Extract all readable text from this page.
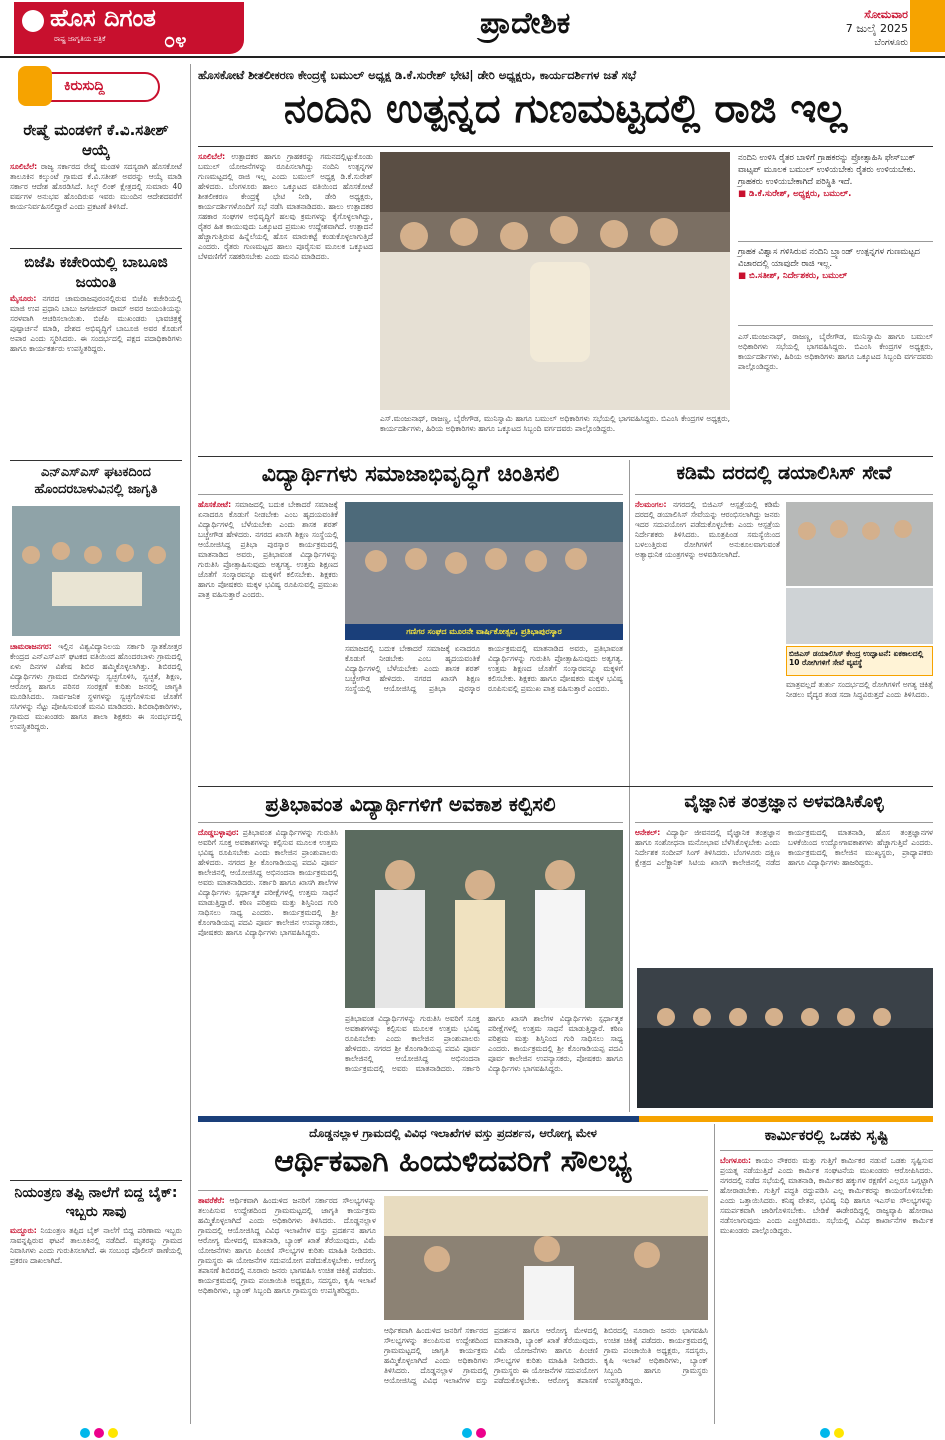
ಹೊಸ ದಿಗಂತ
ರಾಷ್ಟ್ರ ಜಾಗೃತಿಯ ಪತ್ರಿಕೆ	೦೪	ಪ್ರಾದೇಶಿಕ	ಸೋಮವಾರ
7 ಜುಲೈ 2025
ಬೆಂಗಳೂರು
ಕಿರುಸುದ್ದಿ
ರೇಷ್ಮೆ ಮಂಡಳಿಗೆ ಕೆ.ವಿ.ಸತೀಶ್ ಆಯ್ಕೆ
ಸೂಲಿಬೆಲೆ: ರಾಜ್ಯ ಸರ್ಕಾರದ ರೇಷ್ಮೆ ಮಂಡಳಿ ಸದಸ್ಯರಾಗಿ ಹೊಸಕೋಟೆ ತಾಲೂಕಿನ ಕಲ್ಕುಂಟೆ ಗ್ರಾಮದ ಕೆ.ವಿ.ಸತೀಶ್ ಅವರನ್ನು ಆಯ್ಕೆ ಮಾಡಿ ಸರ್ಕಾರ ಆದೇಶ ಹೊರಡಿಸಿದೆ. ಸಿಲ್ಕ್ ಲಿಂಕ್ ಕ್ಷೇತ್ರದಲ್ಲಿ ಸುಮಾರು 40 ವರ್ಷಗಳ ಅನುಭವ ಹೊಂದಿರುವ ಇವರು ಮುಂದಿನ ಆದೇಶದವರೆಗೆ ಕಾರ್ಯನಿರ್ವಹಿಸಲಿದ್ದಾರೆ ಎಂದು ಪ್ರಕಟಣೆ ತಿಳಿಸಿದೆ.
ಬಿಜೆಪಿ ಕಚೇರಿಯಲ್ಲಿ ಬಾಬೂಜಿ ಜಯಂತಿ
ಮೈಸೂರು: ನಗರದ ಚಾಮರಾಜಪುರಂನಲ್ಲಿರುವ ಬಿಜೆಪಿ ಕಚೇರಿಯಲ್ಲಿ ಮಾಜಿ ಉಪ ಪ್ರಧಾನಿ ಬಾಬು ಜಗಜೀವನ್ ರಾಮ್ ಅವರ ಜಯಂತಿಯನ್ನು ಸರಳವಾಗಿ ಆಚರಿಸಲಾಯಿತು. ಬಿಜೆಪಿ ಮುಖಂಡರು ಭಾವಚಿತ್ರಕ್ಕೆ ಪುಷ್ಪಾರ್ಚನೆ ಮಾಡಿ, ದೇಶದ ಅಭಿವೃದ್ಧಿಗೆ ಬಾಬೂಜಿ ಅವರ ಕೊಡುಗೆ ಅಪಾರ ಎಂದು ಸ್ಮರಿಸಿದರು. ಈ ಸಂದರ್ಭದಲ್ಲಿ ಪಕ್ಷದ ಪದಾಧಿಕಾರಿಗಳು ಹಾಗೂ ಕಾರ್ಯಕರ್ತರು ಉಪಸ್ಥಿತರಿದ್ದರು.
ಎನ್‌ಎಸ್‌ಎಸ್ ಘಟಕದಿಂದ ಹೊಂದರಬಾಳುವಿನಲ್ಲಿ ಜಾಗೃತಿ
ಚಾಮರಾಜನಗರ: ಇಲ್ಲಿನ ವಿಶ್ವವಿದ್ಯಾನಿಲಯ ಸರ್ಕಾರಿ ಸ್ನಾತಕೋತ್ತರ ಕೇಂದ್ರದ ಎನ್‌ಎಸ್‌ಎಸ್ ಘಟಕದ ವತಿಯಿಂದ ಹೊಂದರಬಾಳು ಗ್ರಾಮದಲ್ಲಿ ಏಳು ದಿನಗಳ ವಿಶೇಷ ಶಿಬಿರ ಹಮ್ಮಿಕೊಳ್ಳಲಾಗಿತ್ತು. ಶಿಬಿರದಲ್ಲಿ ವಿದ್ಯಾರ್ಥಿಗಳು ಗ್ರಾಮದ ಬೀದಿಗಳನ್ನು ಸ್ವಚ್ಛಗೊಳಿಸಿ, ಸ್ವಚ್ಛತೆ, ಶಿಕ್ಷಣ, ಆರೋಗ್ಯ ಹಾಗೂ ಪರಿಸರ ಸಂರಕ್ಷಣೆ ಕುರಿತು ಜನರಲ್ಲಿ ಜಾಗೃತಿ ಮೂಡಿಸಿದರು. ಸಾರ್ವಜನಿಕ ಸ್ಥಳಗಳನ್ನು ಸ್ವಚ್ಛಗೊಳಿಸುವ ಜೊತೆಗೆ ಸಸಿಗಳನ್ನು ನೆಟ್ಟು ಪೋಷಿಸುವಂತೆ ಮನವಿ ಮಾಡಿದರು. ಶಿಬಿರಾಧಿಕಾರಿಗಳು, ಗ್ರಾಮದ ಮುಖಂಡರು ಹಾಗೂ ಶಾಲಾ ಶಿಕ್ಷಕರು ಈ ಸಂದರ್ಭದಲ್ಲಿ ಉಪಸ್ಥಿತರಿದ್ದರು.
ನಿಯಂತ್ರಣ ತಪ್ಪಿ ನಾಲೆಗೆ ಬಿದ್ದ ಬೈಕ್: ಇಬ್ಬರು ಸಾವು
ಮದ್ದೂರು: ನಿಯಂತ್ರಣ ತಪ್ಪಿದ ಬೈಕ್ ನಾಲೆಗೆ ಬಿದ್ದ ಪರಿಣಾಮ ಇಬ್ಬರು ಸಾವನ್ನಪ್ಪಿರುವ ಘಟನೆ ತಾಲೂಕಿನಲ್ಲಿ ನಡೆದಿದೆ. ಮೃತರನ್ನು ಗ್ರಾಮದ ನಿವಾಸಿಗಳು ಎಂದು ಗುರುತಿಸಲಾಗಿದೆ. ಈ ಸಂಬಂಧ ಪೊಲೀಸ್ ಠಾಣೆಯಲ್ಲಿ ಪ್ರಕರಣ ದಾಖಲಾಗಿದೆ.
ಹೊಸಕೋಟೆ ಶೀತಲೀಕರಣ ಕೇಂದ್ರಕ್ಕೆ ಬಮುಲ್ ಅಧ್ಯಕ್ಷ ಡಿ.ಕೆ.ಸುರೇಶ್ ಭೇಟಿ| ಡೇರಿ ಅಧ್ಯಕ್ಷರು, ಕಾರ್ಯದರ್ಶಿಗಳ ಜತೆ ಸಭೆ
ನಂದಿನಿ ಉತ್ಪನ್ನದ ಗುಣಮಟ್ಟದಲ್ಲಿ ರಾಜಿ ಇಲ್ಲ
ಸೂಲಿಬೆಲೆ: ಉತ್ಪಾದಕರ ಹಾಗೂ ಗ್ರಾಹಕರನ್ನು ಗಮನದಲ್ಲಿಟ್ಟುಕೊಂಡು ಬಮುಲ್ ಯೋಜನೆಗಳನ್ನು ರೂಪಿಸಲಾಗಿದ್ದು ನಂದಿನಿ ಉತ್ಪನ್ನಗಳ ಗುಣಮಟ್ಟದಲ್ಲಿ ರಾಜಿ ಇಲ್ಲ ಎಂದು ಬಮುಲ್ ಅಧ್ಯಕ್ಷ ಡಿ.ಕೆ.ಸುರೇಶ್ ಹೇಳಿದರು. ಬೆಂಗಳೂರು ಹಾಲು ಒಕ್ಕೂಟದ ವತಿಯಿಂದ ಹೊಸಕೋಟೆ ಶೀತಲೀಕರಣ ಕೇಂದ್ರಕ್ಕೆ ಭೇಟಿ ನೀಡಿ, ಡೇರಿ ಅಧ್ಯಕ್ಷರು, ಕಾರ್ಯದರ್ಶಿಗಳೊಂದಿಗೆ ಸಭೆ ನಡೆಸಿ ಮಾತನಾಡಿದರು. ಹಾಲು ಉತ್ಪಾದಕರ ಸಹಕಾರ ಸಂಘಗಳ ಅಭಿವೃದ್ಧಿಗೆ ಹಲವು ಕ್ರಮಗಳನ್ನು ಕೈಗೊಳ್ಳಲಾಗಿದ್ದು, ರೈತರ ಹಿತ ಕಾಯುವುದು ಒಕ್ಕೂಟದ ಪ್ರಮುಖ ಉದ್ದೇಶವಾಗಿದೆ. ಉತ್ಪಾದನೆ ಹೆಚ್ಚಾಗುತ್ತಿರುವ ಹಿನ್ನೆಲೆಯಲ್ಲಿ ಹೊಸ ಮಾರುಕಟ್ಟೆ ಕಂಡುಕೊಳ್ಳಲಾಗುತ್ತಿದೆ ಎಂದರು. ರೈತರು ಗುಣಮಟ್ಟದ ಹಾಲು ಪೂರೈಸುವ ಮೂಲಕ ಒಕ್ಕೂಟದ ಬೆಳವಣಿಗೆಗೆ ಸಹಕರಿಸಬೇಕು ಎಂದು ಮನವಿ ಮಾಡಿದರು.
ಎಸ್.ಮಂಜುನಾಥ್, ರಾಜಣ್ಣ, ಬೈರೇಗೌಡ, ಮುನಿಸ್ವಾಮಿ ಹಾಗೂ ಬಮುಲ್ ಅಧಿಕಾರಿಗಳು ಸಭೆಯಲ್ಲಿ ಭಾಗವಹಿಸಿದ್ದರು. ಬಿಎಂಸಿ ಕೇಂದ್ರಗಳ ಅಧ್ಯಕ್ಷರು, ಕಾರ್ಯದರ್ಶಿಗಳು, ಹಿರಿಯ ಅಧಿಕಾರಿಗಳು ಹಾಗೂ ಒಕ್ಕೂಟದ ಸಿಬ್ಬಂದಿ ವರ್ಗದವರು ಪಾಲ್ಗೊಂಡಿದ್ದರು.
ನಂದಿನಿ ಉಳಿಸಿ ರೈತರ ಬಾಳಿಗೆ ಗ್ರಾಹಕರನ್ನು ಪ್ರೋತ್ಸಾಹಿಸಿ ಫೇಸ್‌ಬುಕ್ ವಾಟ್ಸಪ್ ಮೂಲಕ ಬಮುಲ್ ಉಳಿಯಬೇಕು ರೈತರು ಉಳಿಯಬೇಕು. ಗ್ರಾಹಕರು ಉಳಿಯಬೇಕಾಗಿದೆ ಪರಿಸ್ಥಿತಿ ಇದೆ.
■ ಡಿ.ಕೆ.ಸುರೇಶ್, ಅಧ್ಯಕ್ಷರು, ಬಮುಲ್.
ಗ್ರಾಹಕ ವಿಶ್ವಾಸ ಗಳಿಸಿರುವ ನಂದಿನಿ ಬ್ರ್ಯಾಂಡ್ ಉತ್ಪನ್ನಗಳ ಗುಣಮಟ್ಟದ ವಿಚಾರದಲ್ಲಿ ಯಾವುದೇ ರಾಜಿ ಇಲ್ಲ.
■ ಬಿ.ಸತೀಶ್, ನಿರ್ದೇಶಕರು, ಬಮುಲ್
ಎಸ್.ಮಂಜುನಾಥ್, ರಾಜಣ್ಣ, ಬೈರೇಗೌಡ, ಮುನಿಸ್ವಾಮಿ ಹಾಗೂ ಬಮುಲ್ ಅಧಿಕಾರಿಗಳು ಸಭೆಯಲ್ಲಿ ಭಾಗವಹಿಸಿದ್ದರು. ಬಿಎಂಸಿ ಕೇಂದ್ರಗಳ ಅಧ್ಯಕ್ಷರು, ಕಾರ್ಯದರ್ಶಿಗಳು, ಹಿರಿಯ ಅಧಿಕಾರಿಗಳು ಹಾಗೂ ಒಕ್ಕೂಟದ ಸಿಬ್ಬಂದಿ ವರ್ಗದವರು ಪಾಲ್ಗೊಂಡಿದ್ದರು.
ವಿದ್ಯಾರ್ಥಿಗಳು ಸಮಾಜಾಭಿವೃದ್ಧಿಗೆ ಚಿಂತಿಸಲಿ
ಹೊಸಕೋಟೆ: ಸಮಾಜದಲ್ಲಿ ಬದುಕ ಬೇಕಾದರೆ ಸಮಾಜಕ್ಕೆ ಏನಾದರೂ ಕೊಡುಗೆ ನೀಡಬೇಕು ಎಂಬ ಹೃದಯವಂತಿಕೆ ವಿದ್ಯಾರ್ಥಿಗಳಲ್ಲಿ ಬೆಳೆಯಬೇಕು ಎಂದು ಶಾಸಕ ಶರತ್ ಬಚ್ಚೇಗೌಡ ಹೇಳಿದರು. ನಗರದ ಖಾಸಗಿ ಶಿಕ್ಷಣ ಸಂಸ್ಥೆಯಲ್ಲಿ ಆಯೋಜಿಸಿದ್ದ ಪ್ರತಿಭಾ ಪುರಸ್ಕಾರ ಕಾರ್ಯಕ್ರಮದಲ್ಲಿ ಮಾತನಾಡಿದ ಅವರು, ಪ್ರತಿಭಾವಂತ ವಿದ್ಯಾರ್ಥಿಗಳನ್ನು ಗುರುತಿಸಿ ಪ್ರೋತ್ಸಾಹಿಸುವುದು ಅತ್ಯಗತ್ಯ. ಉತ್ತಮ ಶಿಕ್ಷಣದ ಜೊತೆಗೆ ಸಂಸ್ಕಾರವನ್ನೂ ಮಕ್ಕಳಿಗೆ ಕಲಿಸಬೇಕು. ಶಿಕ್ಷಕರು ಹಾಗೂ ಪೋಷಕರು ಮಕ್ಕಳ ಭವಿಷ್ಯ ರೂಪಿಸುವಲ್ಲಿ ಪ್ರಮುಖ ಪಾತ್ರ ವಹಿಸುತ್ತಾರೆ ಎಂದರು.
ಗಣಿಗರ ಸಂಘದ ಮೂರನೇ ವಾರ್ಷಿಕೋತ್ಸವ, ಪ್ರತಿಭಾಪುರಸ್ಕಾರ
ಸಮಾಜದಲ್ಲಿ ಬದುಕ ಬೇಕಾದರೆ ಸಮಾಜಕ್ಕೆ ಏನಾದರೂ ಕೊಡುಗೆ ನೀಡಬೇಕು ಎಂಬ ಹೃದಯವಂತಿಕೆ ವಿದ್ಯಾರ್ಥಿಗಳಲ್ಲಿ ಬೆಳೆಯಬೇಕು ಎಂದು ಶಾಸಕ ಶರತ್ ಬಚ್ಚೇಗೌಡ ಹೇಳಿದರು. ನಗರದ ಖಾಸಗಿ ಶಿಕ್ಷಣ ಸಂಸ್ಥೆಯಲ್ಲಿ ಆಯೋಜಿಸಿದ್ದ ಪ್ರತಿಭಾ ಪುರಸ್ಕಾರ ಕಾರ್ಯಕ್ರಮದಲ್ಲಿ ಮಾತನಾಡಿದ ಅವರು, ಪ್ರತಿಭಾವಂತ ವಿದ್ಯಾರ್ಥಿಗಳನ್ನು ಗುರುತಿಸಿ ಪ್ರೋತ್ಸಾಹಿಸುವುದು ಅತ್ಯಗತ್ಯ. ಉತ್ತಮ ಶಿಕ್ಷಣದ ಜೊತೆಗೆ ಸಂಸ್ಕಾರವನ್ನೂ ಮಕ್ಕಳಿಗೆ ಕಲಿಸಬೇಕು. ಶಿಕ್ಷಕರು ಹಾಗೂ ಪೋಷಕರು ಮಕ್ಕಳ ಭವಿಷ್ಯ ರೂಪಿಸುವಲ್ಲಿ ಪ್ರಮುಖ ಪಾತ್ರ ವಹಿಸುತ್ತಾರೆ ಎಂದರು.
ಕಡಿಮೆ ದರದಲ್ಲಿ ಡಯಾಲಿಸಿಸ್ ಸೇವೆ
ನೆಲಮಂಗಲ: ನಗರದಲ್ಲಿ ಬಿಜಿಎಸ್ ಆಸ್ಪತ್ರೆಯಲ್ಲಿ ಕಡಿಮೆ ದರದಲ್ಲಿ ಡಯಾಲಿಸಿಸ್ ಸೇವೆಯನ್ನು ಆರಂಭಿಸಲಾಗಿದ್ದು ಜನರು ಇದರ ಸದುಪಯೋಗ ಪಡೆದುಕೊಳ್ಳಬೇಕು ಎಂದು ಆಸ್ಪತ್ರೆಯ ನಿರ್ದೇಶಕರು ತಿಳಿಸಿದರು. ಮೂತ್ರಪಿಂಡ ಸಮಸ್ಯೆಯಿಂದ ಬಳಲುತ್ತಿರುವ ರೋಗಿಗಳಿಗೆ ಅನುಕೂಲವಾಗುವಂತೆ ಅತ್ಯಾಧುನಿಕ ಯಂತ್ರಗಳನ್ನು ಅಳವಡಿಸಲಾಗಿದೆ.
ಬಿಜಿಎಸ್ ಡಯಾಲಿಸಿಸ್ ಕೇಂದ್ರ ಉದ್ಘಾಟನೆ: ಏಕಕಾಲದಲ್ಲಿ 10 ರೋಗಿಗಳಿಗೆ ಸೇವೆ ವ್ಯವಸ್ಥೆ
ಮಾತ್ರವಲ್ಲದೆ ತುರ್ತು ಸಂದರ್ಭದಲ್ಲಿ ರೋಗಿಗಳಿಗೆ ಅಗತ್ಯ ಚಿಕಿತ್ಸೆ ನೀಡಲು ವೈದ್ಯರ ತಂಡ ಸದಾ ಸಿದ್ಧವಿರುತ್ತದೆ ಎಂದು ತಿಳಿಸಿದರು.
ಪ್ರತಿಭಾವಂತ ವಿದ್ಯಾರ್ಥಿಗಳಿಗೆ ಅವಕಾಶ ಕಲ್ಪಿಸಲಿ
ದೊಡ್ಡಬಳ್ಳಾಪುರ: ಪ್ರತಿಭಾವಂತ ವಿದ್ಯಾರ್ಥಿಗಳನ್ನು ಗುರುತಿಸಿ ಅವರಿಗೆ ಸೂಕ್ತ ಅವಕಾಶಗಳನ್ನು ಕಲ್ಪಿಸುವ ಮೂಲಕ ಉತ್ತಮ ಭವಿಷ್ಯ ರೂಪಿಸಬೇಕು ಎಂದು ಕಾಲೇಜಿನ ಪ್ರಾಂಶುಪಾಲರು ಹೇಳಿದರು. ನಗರದ ಶ್ರೀ ಕೊಂಗಾಡಿಯಪ್ಪ ಪದವಿ ಪೂರ್ವ ಕಾಲೇಜಿನಲ್ಲಿ ಆಯೋಜಿಸಿದ್ದ ಅಭಿನಂದನಾ ಕಾರ್ಯಕ್ರಮದಲ್ಲಿ ಅವರು ಮಾತನಾಡಿದರು. ಸರ್ಕಾರಿ ಹಾಗೂ ಖಾಸಗಿ ಶಾಲೆಗಳ ವಿದ್ಯಾರ್ಥಿಗಳು ಸ್ಪರ್ಧಾತ್ಮಕ ಪರೀಕ್ಷೆಗಳಲ್ಲಿ ಉತ್ತಮ ಸಾಧನೆ ಮಾಡುತ್ತಿದ್ದಾರೆ. ಕಠಿಣ ಪರಿಶ್ರಮ ಮತ್ತು ಶಿಸ್ತಿನಿಂದ ಗುರಿ ಸಾಧಿಸಲು ಸಾಧ್ಯ ಎಂದರು. ಕಾರ್ಯಕ್ರಮದಲ್ಲಿ ಶ್ರೀ ಕೊಂಗಾಡಿಯಪ್ಪ ಪದವಿ ಪೂರ್ವ ಕಾಲೇಜಿನ ಉಪನ್ಯಾಸಕರು, ಪೋಷಕರು ಹಾಗೂ ವಿದ್ಯಾರ್ಥಿಗಳು ಭಾಗವಹಿಸಿದ್ದರು.
ಪ್ರತಿಭಾವಂತ ವಿದ್ಯಾರ್ಥಿಗಳನ್ನು ಗುರುತಿಸಿ ಅವರಿಗೆ ಸೂಕ್ತ ಅವಕಾಶಗಳನ್ನು ಕಲ್ಪಿಸುವ ಮೂಲಕ ಉತ್ತಮ ಭವಿಷ್ಯ ರೂಪಿಸಬೇಕು ಎಂದು ಕಾಲೇಜಿನ ಪ್ರಾಂಶುಪಾಲರು ಹೇಳಿದರು. ನಗರದ ಶ್ರೀ ಕೊಂಗಾಡಿಯಪ್ಪ ಪದವಿ ಪೂರ್ವ ಕಾಲೇಜಿನಲ್ಲಿ ಆಯೋಜಿಸಿದ್ದ ಅಭಿನಂದನಾ ಕಾರ್ಯಕ್ರಮದಲ್ಲಿ ಅವರು ಮಾತನಾಡಿದರು. ಸರ್ಕಾರಿ ಹಾಗೂ ಖಾಸಗಿ ಶಾಲೆಗಳ ವಿದ್ಯಾರ್ಥಿಗಳು ಸ್ಪರ್ಧಾತ್ಮಕ ಪರೀಕ್ಷೆಗಳಲ್ಲಿ ಉತ್ತಮ ಸಾಧನೆ ಮಾಡುತ್ತಿದ್ದಾರೆ. ಕಠಿಣ ಪರಿಶ್ರಮ ಮತ್ತು ಶಿಸ್ತಿನಿಂದ ಗುರಿ ಸಾಧಿಸಲು ಸಾಧ್ಯ ಎಂದರು. ಕಾರ್ಯಕ್ರಮದಲ್ಲಿ ಶ್ರೀ ಕೊಂಗಾಡಿಯಪ್ಪ ಪದವಿ ಪೂರ್ವ ಕಾಲೇಜಿನ ಉಪನ್ಯಾಸಕರು, ಪೋಷಕರು ಹಾಗೂ ವಿದ್ಯಾರ್ಥಿಗಳು ಭಾಗವಹಿಸಿದ್ದರು.
ವೈಜ್ಞಾನಿಕ ತಂತ್ರಜ್ಞಾನ ಅಳವಡಿಸಿಕೊಳ್ಳಿ
ಆನೇಕಲ್: ವಿದ್ಯಾರ್ಥಿ ಜೀವನದಲ್ಲಿ ವೈಜ್ಞಾನಿಕ ತಂತ್ರಜ್ಞಾನ ಹಾಗೂ ಸಂಶೋಧನಾ ಮನೋಭಾವ ಬೆಳೆಸಿಕೊಳ್ಳಬೇಕು ಎಂದು ನಿರ್ದೇಶಕ ಸಂದೀಪ್ ಸಿಂಗ್ ತಿಳಿಸಿದರು. ಬೆಂಗಳೂರು ದಕ್ಷಿಣ ಕ್ಷೇತ್ರದ ಎಲೆಕ್ಟ್ರಾನಿಕ್ ಸಿಟಿಯ ಖಾಸಗಿ ಕಾಲೇಜಿನಲ್ಲಿ ನಡೆದ ಕಾರ್ಯಕ್ರಮದಲ್ಲಿ ಮಾತನಾಡಿ, ಹೊಸ ತಂತ್ರಜ್ಞಾನಗಳ ಬಳಕೆಯಿಂದ ಉದ್ಯೋಗಾವಕಾಶಗಳು ಹೆಚ್ಚಾಗುತ್ತಿವೆ ಎಂದರು. ಕಾರ್ಯಕ್ರಮದಲ್ಲಿ ಕಾಲೇಜಿನ ಮುಖ್ಯಸ್ಥರು, ಪ್ರಾಧ್ಯಾಪಕರು ಹಾಗೂ ವಿದ್ಯಾರ್ಥಿಗಳು ಹಾಜರಿದ್ದರು.
ದೊಡ್ಡನಲ್ಲಾಳ ಗ್ರಾಮದಲ್ಲಿ ವಿವಿಧ ಇಲಾಖೆಗಳ ವಸ್ತು ಪ್ರದರ್ಶನ, ಆರೋಗ್ಯ ಮೇಳ
ಆರ್ಥಿಕವಾಗಿ ಹಿಂದುಳಿದವರಿಗೆ ಸೌಲಭ್ಯ
ತಾವರೆಕೆರೆ: ಆರ್ಥಿಕವಾಗಿ ಹಿಂದುಳಿದ ಜನರಿಗೆ ಸರ್ಕಾರದ ಸೌಲಭ್ಯಗಳನ್ನು ತಲುಪಿಸುವ ಉದ್ದೇಶದಿಂದ ಗ್ರಾಮಮಟ್ಟದಲ್ಲಿ ಜಾಗೃತಿ ಕಾರ್ಯಕ್ರಮ ಹಮ್ಮಿಕೊಳ್ಳಲಾಗಿದೆ ಎಂದು ಅಧಿಕಾರಿಗಳು ತಿಳಿಸಿದರು. ದೊಡ್ಡನಲ್ಲಾಳ ಗ್ರಾಮದಲ್ಲಿ ಆಯೋಜಿಸಿದ್ದ ವಿವಿಧ ಇಲಾಖೆಗಳ ವಸ್ತು ಪ್ರದರ್ಶನ ಹಾಗೂ ಆರೋಗ್ಯ ಮೇಳದಲ್ಲಿ ಮಾತನಾಡಿ, ಬ್ಯಾಂಕ್ ಖಾತೆ ತೆರೆಯುವುದು, ವಿಮೆ ಯೋಜನೆಗಳು ಹಾಗೂ ಪಿಂಚಣಿ ಸೌಲಭ್ಯಗಳ ಕುರಿತು ಮಾಹಿತಿ ನೀಡಿದರು. ಗ್ರಾಮಸ್ಥರು ಈ ಯೋಜನೆಗಳ ಸದುಪಯೋಗ ಪಡೆದುಕೊಳ್ಳಬೇಕು. ಆರೋಗ್ಯ ತಪಾಸಣೆ ಶಿಬಿರದಲ್ಲಿ ನೂರಾರು ಜನರು ಭಾಗವಹಿಸಿ ಉಚಿತ ಚಿಕಿತ್ಸೆ ಪಡೆದರು. ಕಾರ್ಯಕ್ರಮದಲ್ಲಿ ಗ್ರಾಮ ಪಂಚಾಯಿತಿ ಅಧ್ಯಕ್ಷರು, ಸದಸ್ಯರು, ಕೃಷಿ ಇಲಾಖೆ ಅಧಿಕಾರಿಗಳು, ಬ್ಯಾಂಕ್ ಸಿಬ್ಬಂದಿ ಹಾಗೂ ಗ್ರಾಮಸ್ಥರು ಉಪಸ್ಥಿತರಿದ್ದರು.
ಆರ್ಥಿಕವಾಗಿ ಹಿಂದುಳಿದ ಜನರಿಗೆ ಸರ್ಕಾರದ ಸೌಲಭ್ಯಗಳನ್ನು ತಲುಪಿಸುವ ಉದ್ದೇಶದಿಂದ ಗ್ರಾಮಮಟ್ಟದಲ್ಲಿ ಜಾಗೃತಿ ಕಾರ್ಯಕ್ರಮ ಹಮ್ಮಿಕೊಳ್ಳಲಾಗಿದೆ ಎಂದು ಅಧಿಕಾರಿಗಳು ತಿಳಿಸಿದರು. ದೊಡ್ಡನಲ್ಲಾಳ ಗ್ರಾಮದಲ್ಲಿ ಆಯೋಜಿಸಿದ್ದ ವಿವಿಧ ಇಲಾಖೆಗಳ ವಸ್ತು ಪ್ರದರ್ಶನ ಹಾಗೂ ಆರೋಗ್ಯ ಮೇಳದಲ್ಲಿ ಮಾತನಾಡಿ, ಬ್ಯಾಂಕ್ ಖಾತೆ ತೆರೆಯುವುದು, ವಿಮೆ ಯೋಜನೆಗಳು ಹಾಗೂ ಪಿಂಚಣಿ ಸೌಲಭ್ಯಗಳ ಕುರಿತು ಮಾಹಿತಿ ನೀಡಿದರು. ಗ್ರಾಮಸ್ಥರು ಈ ಯೋಜನೆಗಳ ಸದುಪಯೋಗ ಪಡೆದುಕೊಳ್ಳಬೇಕು. ಆರೋಗ್ಯ ತಪಾಸಣೆ ಶಿಬಿರದಲ್ಲಿ ನೂರಾರು ಜನರು ಭಾಗವಹಿಸಿ ಉಚಿತ ಚಿಕಿತ್ಸೆ ಪಡೆದರು. ಕಾರ್ಯಕ್ರಮದಲ್ಲಿ ಗ್ರಾಮ ಪಂಚಾಯಿತಿ ಅಧ್ಯಕ್ಷರು, ಸದಸ್ಯರು, ಕೃಷಿ ಇಲಾಖೆ ಅಧಿಕಾರಿಗಳು, ಬ್ಯಾಂಕ್ ಸಿಬ್ಬಂದಿ ಹಾಗೂ ಗ್ರಾಮಸ್ಥರು ಉಪಸ್ಥಿತರಿದ್ದರು.
ಕಾರ್ಮಿಕರಲ್ಲಿ ಒಡಕು ಸೃಷ್ಟಿ
ಬೆಂಗಳೂರು: ಕಾಯಂ ನೌಕರರು ಮತ್ತು ಗುತ್ತಿಗೆ ಕಾರ್ಮಿಕರ ನಡುವೆ ಒಡಕು ಸೃಷ್ಟಿಸುವ ಪ್ರಯತ್ನ ನಡೆಯುತ್ತಿದೆ ಎಂದು ಕಾರ್ಮಿಕ ಸಂಘಟನೆಯ ಮುಖಂಡರು ಆರೋಪಿಸಿದರು. ನಗರದಲ್ಲಿ ನಡೆದ ಸಭೆಯಲ್ಲಿ ಮಾತನಾಡಿ, ಕಾರ್ಮಿಕರ ಹಕ್ಕುಗಳ ರಕ್ಷಣೆಗೆ ಎಲ್ಲರೂ ಒಗ್ಗಟ್ಟಾಗಿ ಹೋರಾಡಬೇಕು. ಗುತ್ತಿಗೆ ಪದ್ಧತಿ ರದ್ದುಪಡಿಸಿ ಎಲ್ಲ ಕಾರ್ಮಿಕರನ್ನು ಕಾಯಂಗೊಳಿಸಬೇಕು ಎಂದು ಒತ್ತಾಯಿಸಿದರು. ಕನಿಷ್ಠ ವೇತನ, ಭವಿಷ್ಯ ನಿಧಿ ಹಾಗೂ ಇಎಸ್‌ಐ ಸೌಲಭ್ಯಗಳನ್ನು ಸಮರ್ಪಕವಾಗಿ ಜಾರಿಗೊಳಿಸಬೇಕು. ಬೇಡಿಕೆ ಈಡೇರದಿದ್ದಲ್ಲಿ ರಾಜ್ಯವ್ಯಾಪಿ ಹೋರಾಟ ನಡೆಸಲಾಗುವುದು ಎಂದು ಎಚ್ಚರಿಸಿದರು. ಸಭೆಯಲ್ಲಿ ವಿವಿಧ ಕಾರ್ಖಾನೆಗಳ ಕಾರ್ಮಿಕ ಮುಖಂಡರು ಪಾಲ್ಗೊಂಡಿದ್ದರು.
